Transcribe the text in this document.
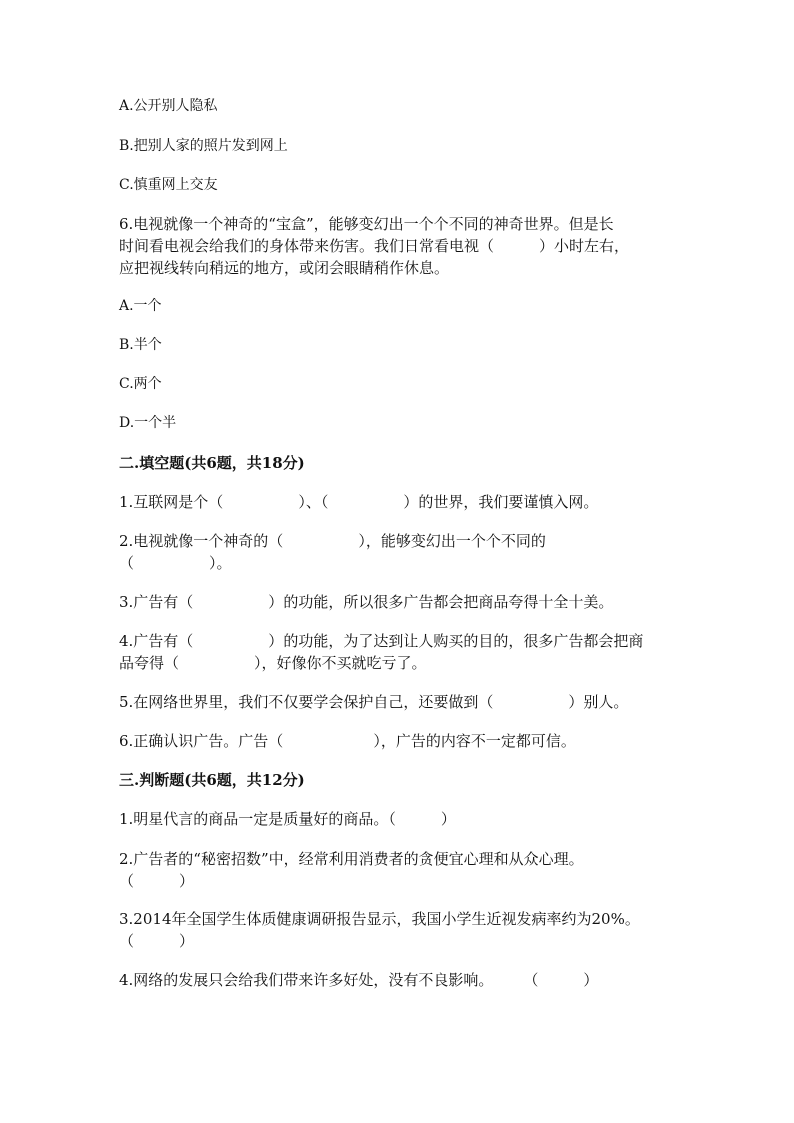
A.公开别人隐私

B.把别人家的照片发到网上

C.慎重网上交友

6.电视就像一个神奇的“宝盒”，能够变幻出一个个不同的神奇世界。但是长

时间看电视会给我们的身体带来伤害。我们日常看电视（　　　）小时左右，

应把视线转向稍远的地方，或闭会眼睛稍作休息。

A.一个

B.半个

C.两个

D.一个半

二.填空题(共6题，共18分)

1.互联网是个（　　　　　）、（　　　　　）的世界，我们要谨慎入网。

2.电视就像一个神奇的（　　　　　），能够变幻出一个个不同的

（　　　　　）。

3.广告有（　　　　　）的功能，所以很多广告都会把商品夸得十全十美。

4.广告有（　　　　　）的功能，为了达到让人购买的目的，很多广告都会把商

品夸得（　　　　　），好像你不买就吃亏了。

5.在网络世界里，我们不仅要学会保护自己，还要做到（　　　　　）别人。

6.正确认识广告。广告（　　　　　　），广告的内容不一定都可信。

三.判断题(共6题，共12分)

1.明星代言的商品一定是质量好的商品。（　　　）

2.广告者的“秘密招数”中，经常利用消费者的贪便宜心理和从众心理。

（　　　）

3.2014年全国学生体质健康调研报告显示，我国小学生近视发病率约为20%。

（　　　）

4.网络的发展只会给我们带来许多好处，没有不良影响。　　　（　　　）
